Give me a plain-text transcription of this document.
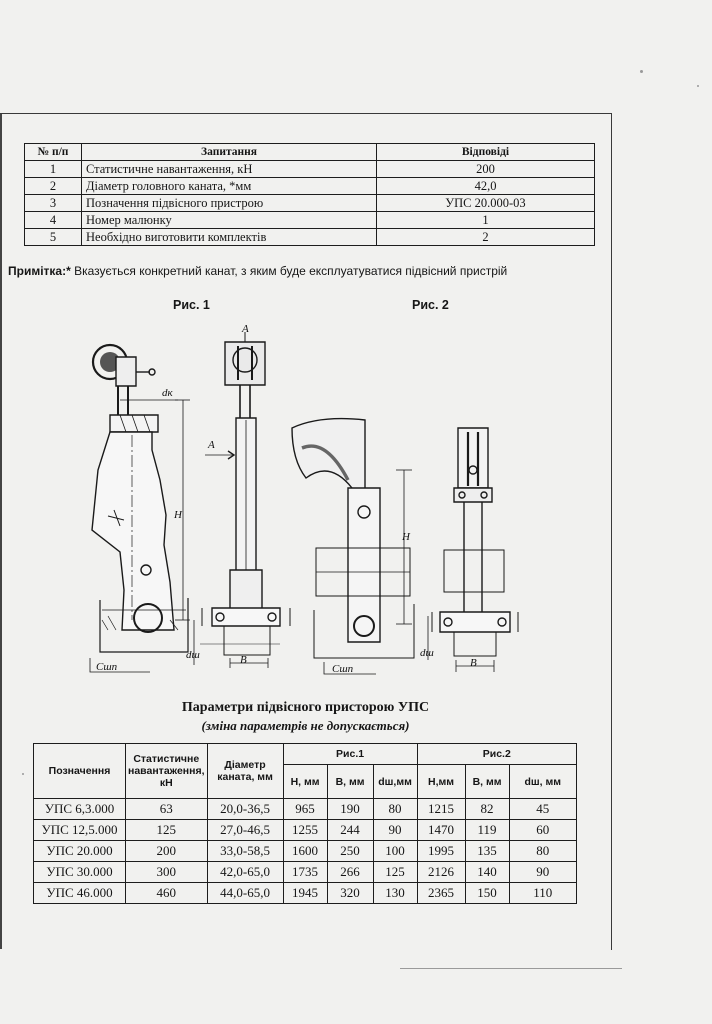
№ п/п	Запитання	Відповіді
1	Статистичне навантаження, кН	200
2	Діаметр головного каната, *мм	42,0
3	Позначення підвісного пристрою	УПС 20.000-03
4	Номер малюнку	1
5	Необхідно виготовити комплектів	2
Примітка:* Вказується конкретний канат, з яким буде експлуатуватися підвісний пристрій
Рис. 1	Рис. 2
A
A
dк
H
H
dш	dш
B	B
Сшп	Сшп
Параметри підвісного присторою УПС
(зміна параметрів не допускається)
Позначення	Статистичне навантаження, кН	Діаметр каната, мм	Рис.1			Рис.2		
			H, мм	B, мм	dш,мм	H,мм	B, мм	dш, мм
УПС 6,3.000	63	20,0-36,5	965	190	80	1215	82	45
УПС 12,5.000	125	27,0-46,5	1255	244	90	1470	119	60
УПС 20.000	200	33,0-58,5	1600	250	100	1995	135	80
УПС 30.000	300	42,0-65,0	1735	266	125	2126	140	90
УПС 46.000	460	44,0-65,0	1945	320	130	2365	150	110
